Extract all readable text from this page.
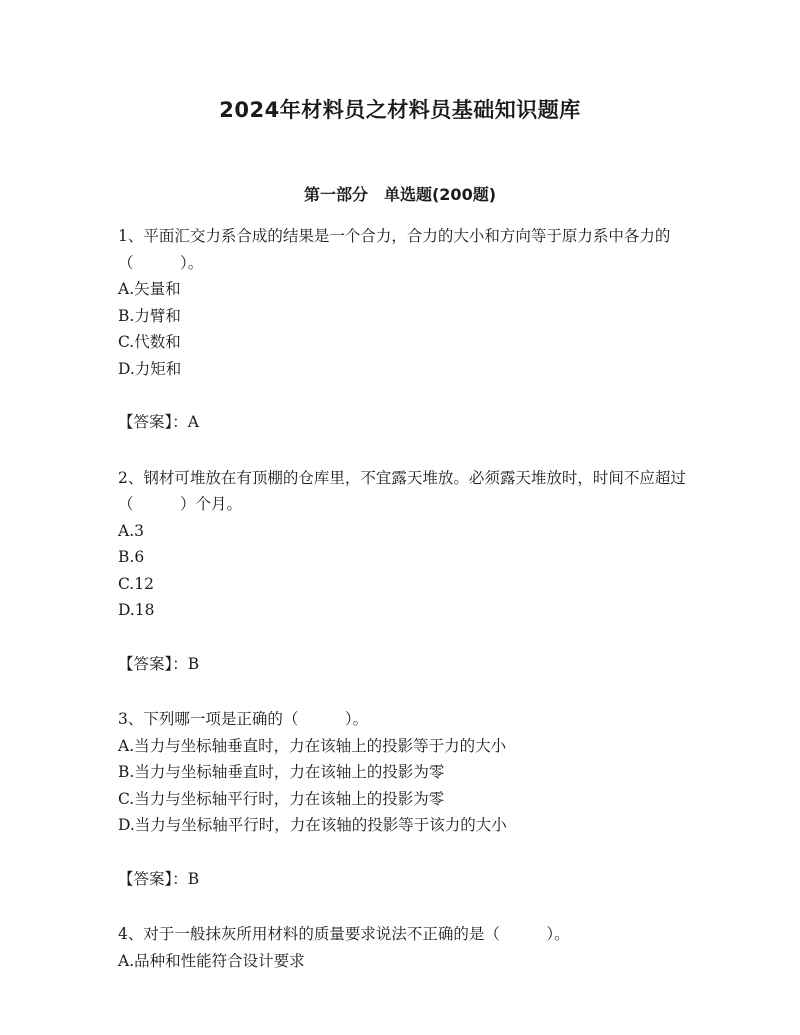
2024年材料员之材料员基础知识题库
第一部分　单选题(200题)

1、平面汇交力系合成的结果是一个合力，合力的大小和方向等于原力系中各力的（　　　）。

A.矢量和

B.力臂和

C.代数和

D.力矩和

【答案】：A

2、钢材可堆放在有顶棚的仓库里，不宜露天堆放。必须露天堆放时，时间不应超过（　　　）个月。

A.3

B.6

C.12

D.18

【答案】：B

3、下列哪一项是正确的（　　　）。

A.当力与坐标轴垂直时，力在该轴上的投影等于力的大小

B.当力与坐标轴垂直时，力在该轴上的投影为零

C.当力与坐标轴平行时，力在该轴上的投影为零

D.当力与坐标轴平行时，力在该轴的投影等于该力的大小

【答案】：B

4、对于一般抹灰所用材料的质量要求说法不正确的是（　　　）。

A.品种和性能符合设计要求
